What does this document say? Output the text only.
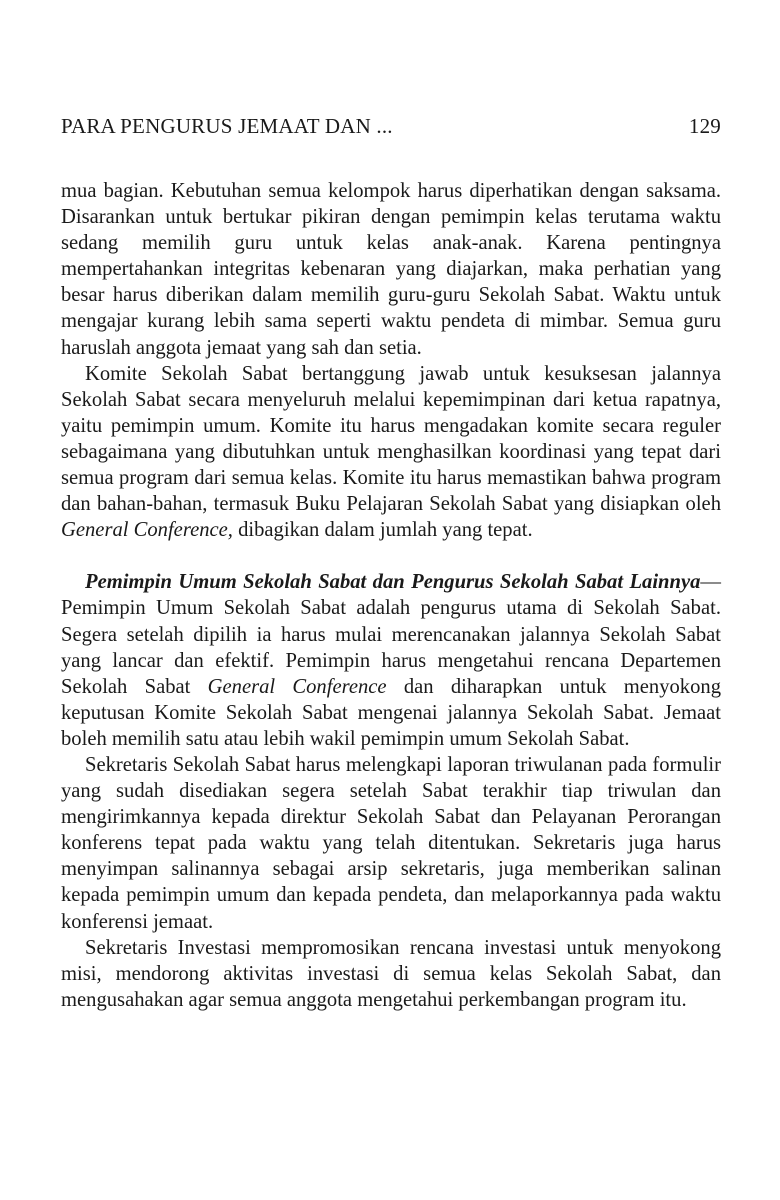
PARA PENGURUS JEMAAT DAN ...	129

mua bagian. Kebutuhan semua kelompok harus diperhatikan dengan saksama. Disarankan untuk bertukar pikiran dengan pemimpin kelas terutama waktu sedang memilih guru untuk kelas anak-anak. Karena pentingnya mempertahankan integritas kebenaran yang diajarkan, maka perhatian yang besar harus diberikan dalam memilih guru-guru Sekolah Sabat. Waktu untuk mengajar kurang lebih sama seperti waktu pendeta di mimbar. Semua guru haruslah anggota jemaat yang sah dan setia.

Komite Sekolah Sabat bertanggung jawab untuk kesuksesan jalannya Sekolah Sabat secara menyeluruh melalui kepemimpinan dari ketua rapatnya, yaitu pemimpin umum. Komite itu harus mengadakan komite secara reguler sebagaimana yang dibutuhkan untuk menghasilkan koordinasi yang tepat dari semua program dari semua kelas. Komite itu harus memastikan bahwa program dan bahan-bahan, termasuk Buku Pelajaran Sekolah Sabat yang disiapkan oleh General Conference, dibagikan dalam jumlah yang tepat.

Pemimpin Umum Sekolah Sabat dan Pengurus Sekolah Sabat Lainnya—Pemimpin Umum Sekolah Sabat adalah pengurus utama di Sekolah Sabat. Segera setelah dipilih ia harus mulai merencanakan jalannya Sekolah Sabat yang lancar dan efektif. Pemimpin harus mengetahui rencana Departemen Sekolah Sabat General Conference dan diharapkan untuk menyokong keputusan Komite Sekolah Sabat mengenai jalannya Sekolah Sabat. Jemaat boleh memilih satu atau lebih wakil pemimpin umum Sekolah Sabat.

Sekretaris Sekolah Sabat harus melengkapi laporan triwulanan pada formulir yang sudah disediakan segera setelah Sabat terakhir tiap triwulan dan mengirimkannya kepada direktur Sekolah Sabat dan Pelayanan Perorangan konferens tepat pada waktu yang telah ditentukan. Sekretaris juga harus menyimpan salinannya sebagai arsip sekretaris, juga memberikan salinan kepada pemimpin umum dan kepada pendeta, dan melaporkannya pada waktu konferensi jemaat.

Sekretaris Investasi mempromosikan rencana investasi untuk menyokong misi, mendorong aktivitas investasi di semua kelas Sekolah Sabat, dan mengusahakan agar semua anggota mengetahui perkembangan program itu.
